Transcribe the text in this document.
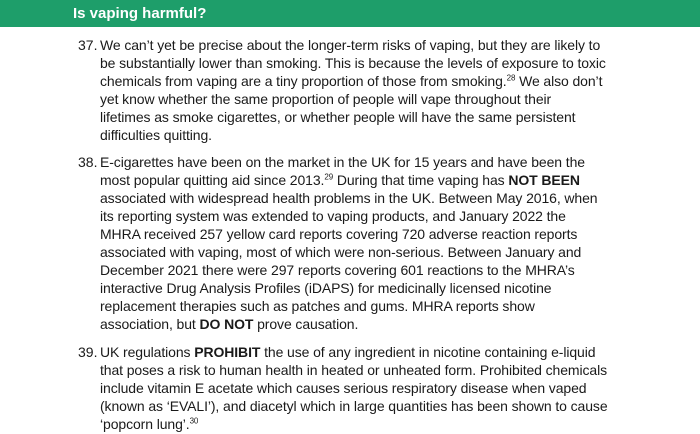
Is vaping harmful?
37. We can’t yet be precise about the longer-term risks of vaping, but they are likely to
be substantially lower than smoking. This is because the levels of exposure to toxic
chemicals from vaping are a tiny proportion of those from smoking.$^{28}$ We also don’t
yet know whether the same proportion of people will vape throughout their
lifetimes as smoke cigarettes, or whether people will have the same persistent
difficulties quitting.
38. E-cigarettes have been on the market in the UK for 15 years and have been the
most popular quitting aid since 2013.29 During that time vaping has NOT BEEN
associated with widespread health problems in the UK. Between May 2016, when
its reporting system was extended to vaping products, and January 2022 the
MHRA received 257 yellow card reports covering 720 adverse reaction reports
associated with vaping, most of which were non-serious. Between January and
December 2021 there were 297 reports covering 601 reactions to the MHRA’s
interactive Drug Analysis Profiles (iDAPS) for medicinally licensed nicotine
replacement therapies such as patches and gums. MHRA reports show
association, but DO NOT prove causation.
39. UK regulations PROHIBIT the use of any ingredient in nicotine containing e-liquid
that poses a risk to human health in heated or unheated form. Prohibited chemicals
include vitamin E acetate which causes serious respiratory disease when vaped
(known as ‘EVALI’), and diacetyl which in large quantities has been shown to cause
‘popcorn lung’.$^{30}$
